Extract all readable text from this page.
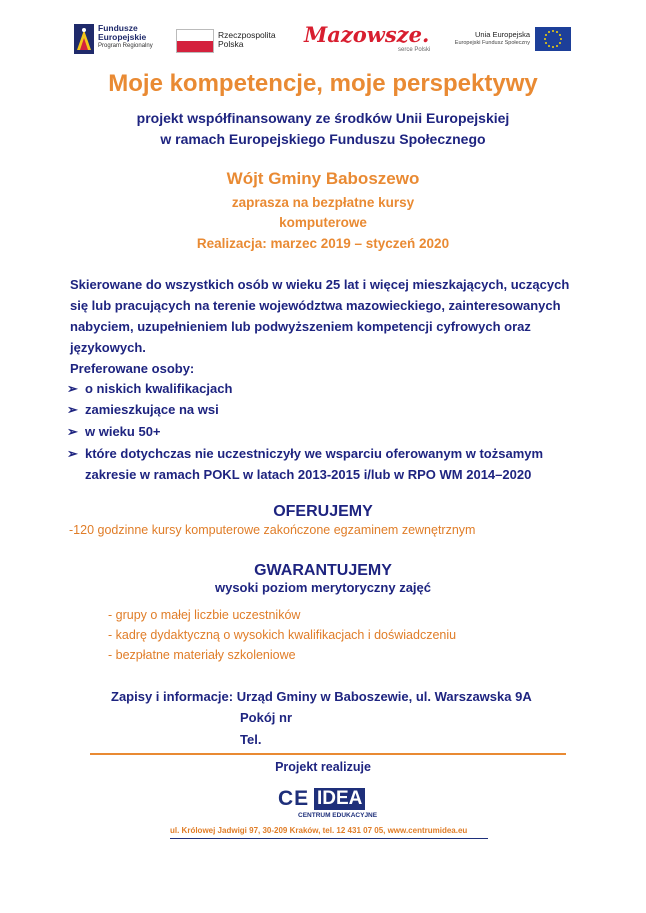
Fundusze
Europejskie
Program Regionalny
Rzeczpospolita
Polska	Mazowsze.
serce Polski
Unia Europejska
Europejski Fundusz Społeczny
Moje kompetencje, moje perspektywy
projekt współfinansowany ze środków Unii Europejskiej
w ramach Europejskiego Funduszu Społecznego
Wójt Gminy Baboszewo
zaprasza na bezpłatne kursy
komputerowe
Realizacja: marzec 2019 – styczeń 2020
Skierowane do wszystkich osób w wieku 25 lat i więcej mieszkających, uczących
się lub pracujących na terenie województwa mazowieckiego, zainteresowanych
nabyciem, uzupełnieniem lub podwyższeniem kompetencji cyfrowych oraz
językowych.
Preferowane osoby:
➢ o niskich kwalifikacjach
➢ zamieszkujące na wsi
➢ w wieku 50+
➢ które dotychczas nie uczestniczyły we wsparciu oferowanym w tożsamym
zakresie w ramach POKL w latach 2013-2015 i/lub w RPO WM 2014–2020
OFERUJEMY
-120 godzinne kursy komputerowe zakończone egzaminem zewnętrznym
GWARANTUJEMY
wysoki poziom merytoryczny zajęć
- grupy o małej liczbie uczestników
- kadrę dydaktyczną o wysokich kwalifikacjach i doświadczeniu
- bezpłatne materiały szkoleniowe
Zapisy i informacje: Urząd Gminy w Baboszewie, ul. Warszawska 9A
Pokój nr
Tel.
Projekt realizuje
CE IDEA
CENTRUM EDUKACYJNE
ul. Królowej Jadwigi 97, 30-209 Kraków, tel. 12 431 07 05, www.centrumidea.eu
